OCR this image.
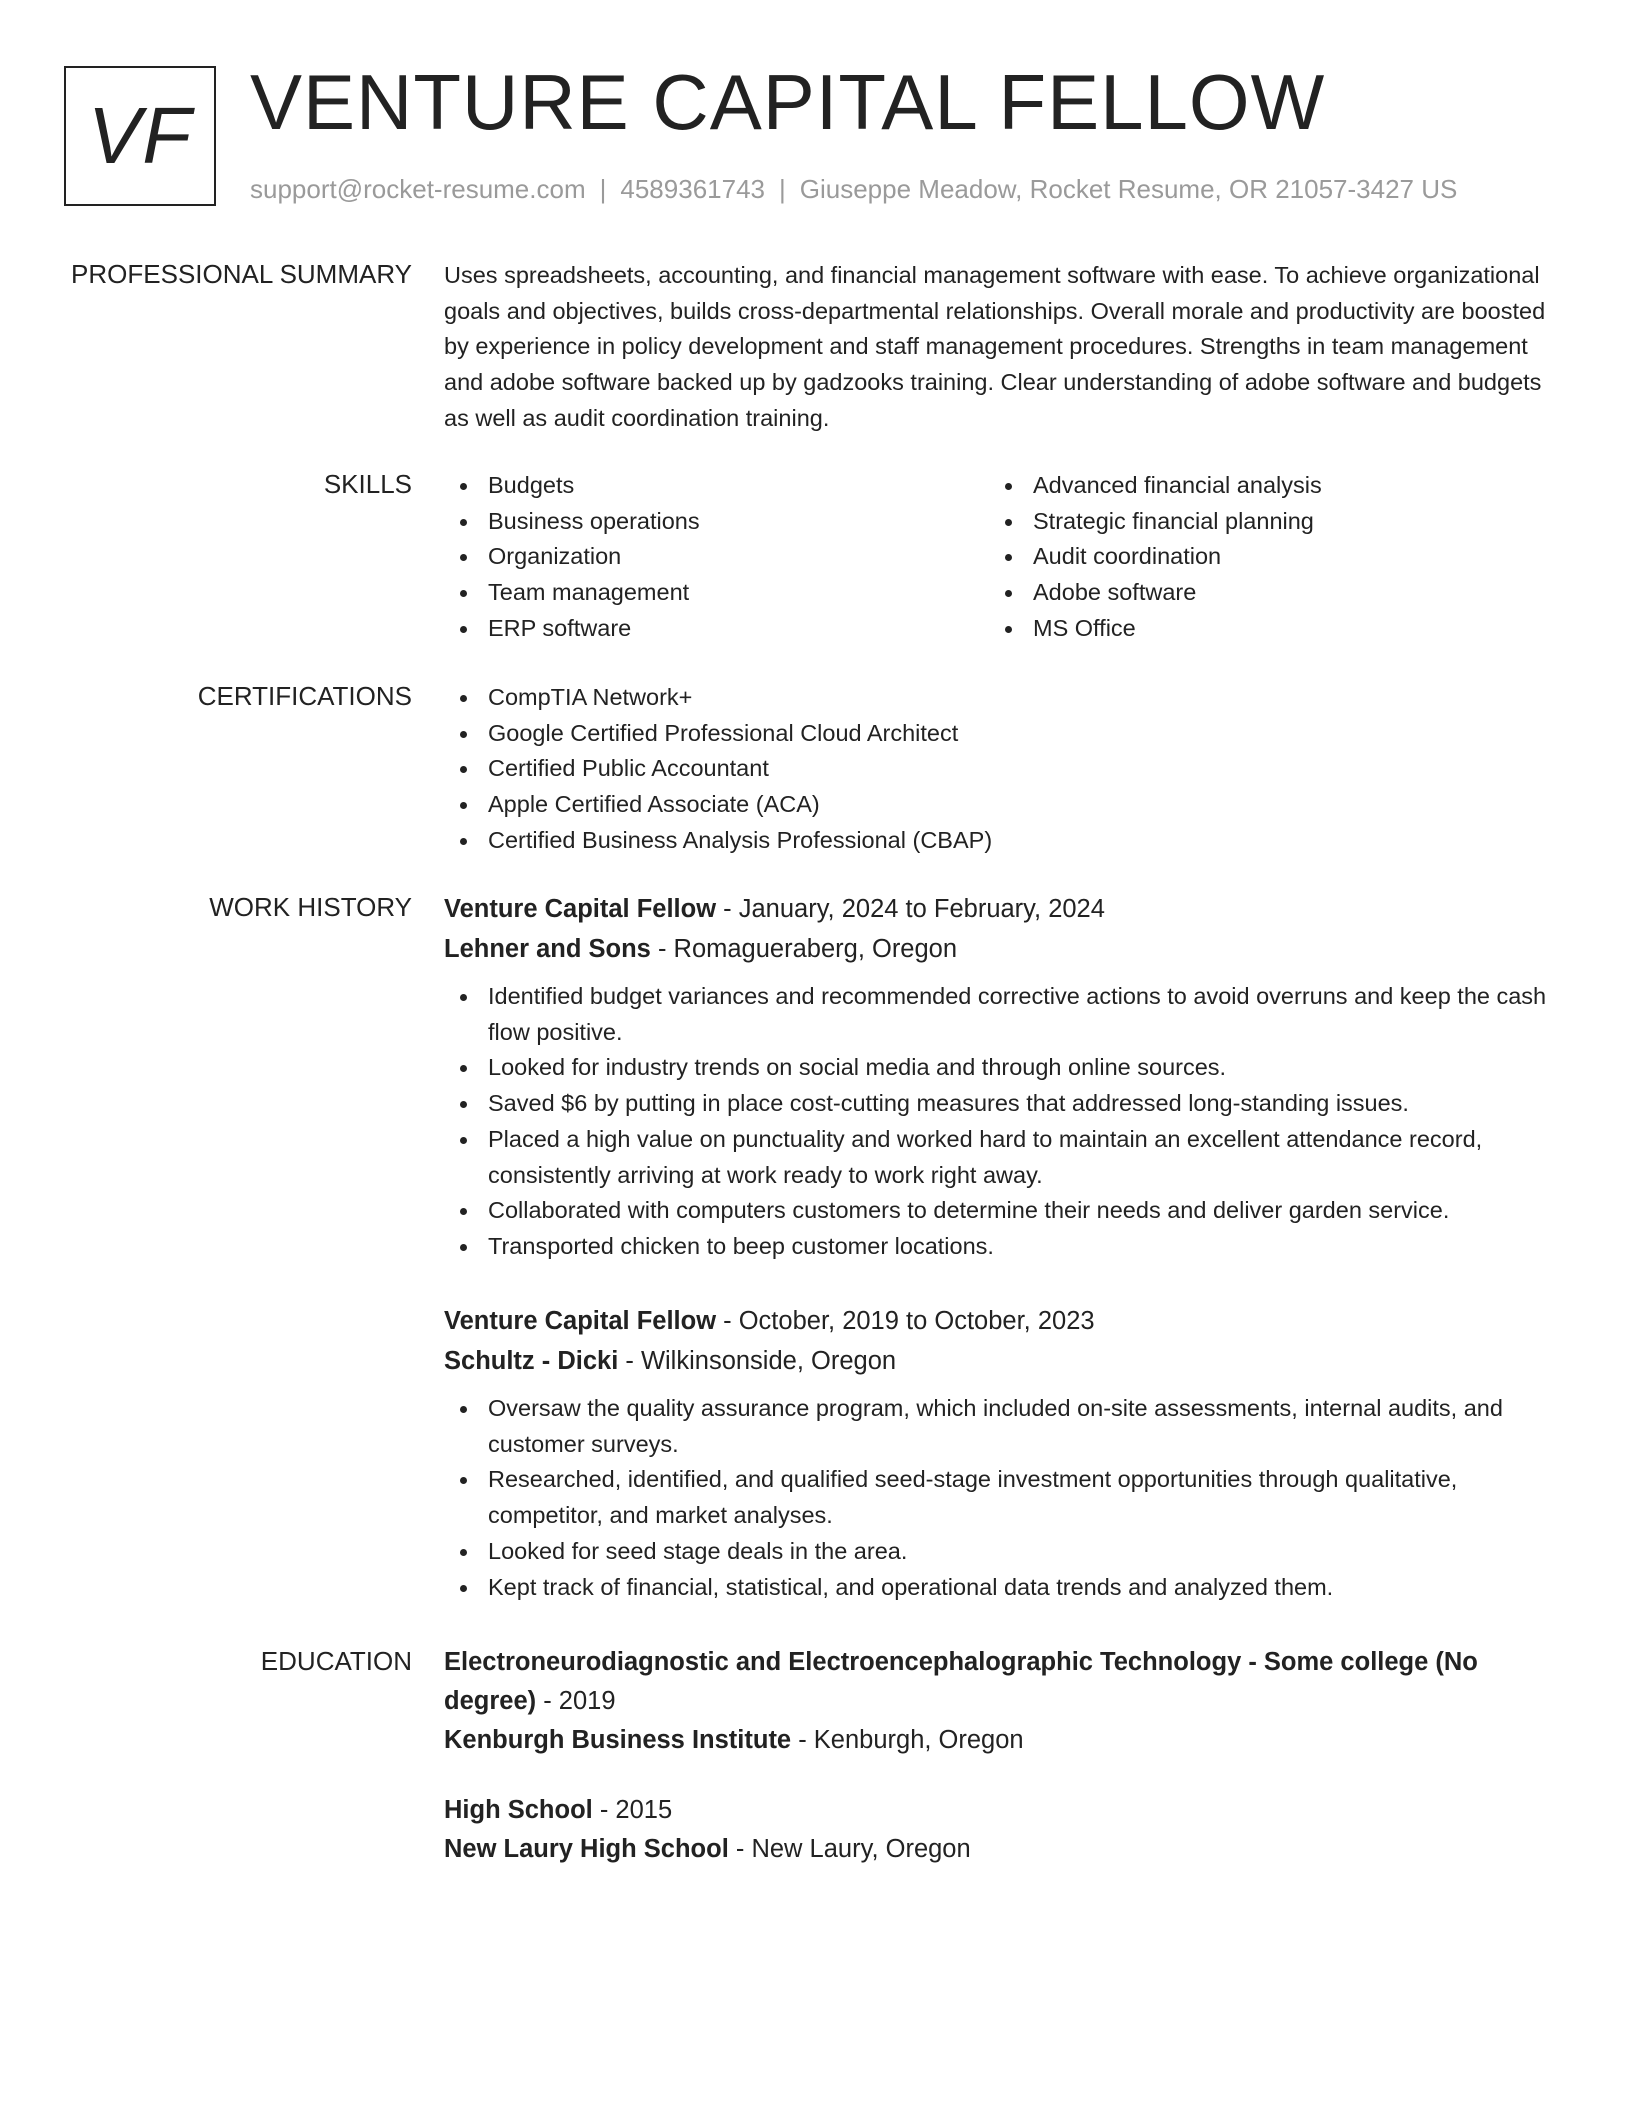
VF VENTURE CAPITAL FELLOW
support@rocket-resume.com | 4589361743 | Giuseppe Meadow, Rocket Resume, OR 21057-3427 US
PROFESSIONAL SUMMARY Uses spreadsheets, accounting, and financial management software with ease. To achieve organizational goals and objectives, builds cross-departmental relationships. Overall morale and productivity are boosted by experience in policy development and staff management procedures. Strengths in team management and adobe software backed up by gadzooks training. Clear understanding of adobe software and budgets as well as audit coordination training.
SKILLS	Budgets
Business operations
Organization
Team management
ERP software
Advanced financial analysis
Strategic financial planning
Audit coordination
Adobe software
MS Office
CERTIFICATIONS	CompTIA Network+
Google Certified Professional Cloud Architect
Certified Public Accountant
Apple Certified Associate (ACA)
Certified Business Analysis Professional (CBAP)
WORK HISTORY Venture Capital Fellow - January, 2024 to February, 2024
Lehner and Sons - Romagueraberg, Oregon
Identified budget variances and recommended corrective actions to avoid overruns and keep the cash flow positive.
Looked for industry trends on social media and through online sources.
Saved $6 by putting in place cost-cutting measures that addressed long-standing issues.
Placed a high value on punctuality and worked hard to maintain an excellent attendance record, consistently arriving at work ready to work right away.
Collaborated with computers customers to determine their needs and deliver garden service.
Transported chicken to beep customer locations.
Venture Capital Fellow - October, 2019 to October, 2023
Schultz - Dicki - Wilkinsonside, Oregon
Oversaw the quality assurance program, which included on-site assessments, internal audits, and customer surveys.
Researched, identified, and qualified seed-stage investment opportunities through qualitative, competitor, and market analyses.
Looked for seed stage deals in the area.
Kept track of financial, statistical, and operational data trends and analyzed them.
EDUCATION Electroneurodiagnostic and Electroencephalographic Technology - Some college (No degree) - 2019
Kenburgh Business Institute - Kenburgh, Oregon
High School - 2015
New Laury High School - New Laury, Oregon
